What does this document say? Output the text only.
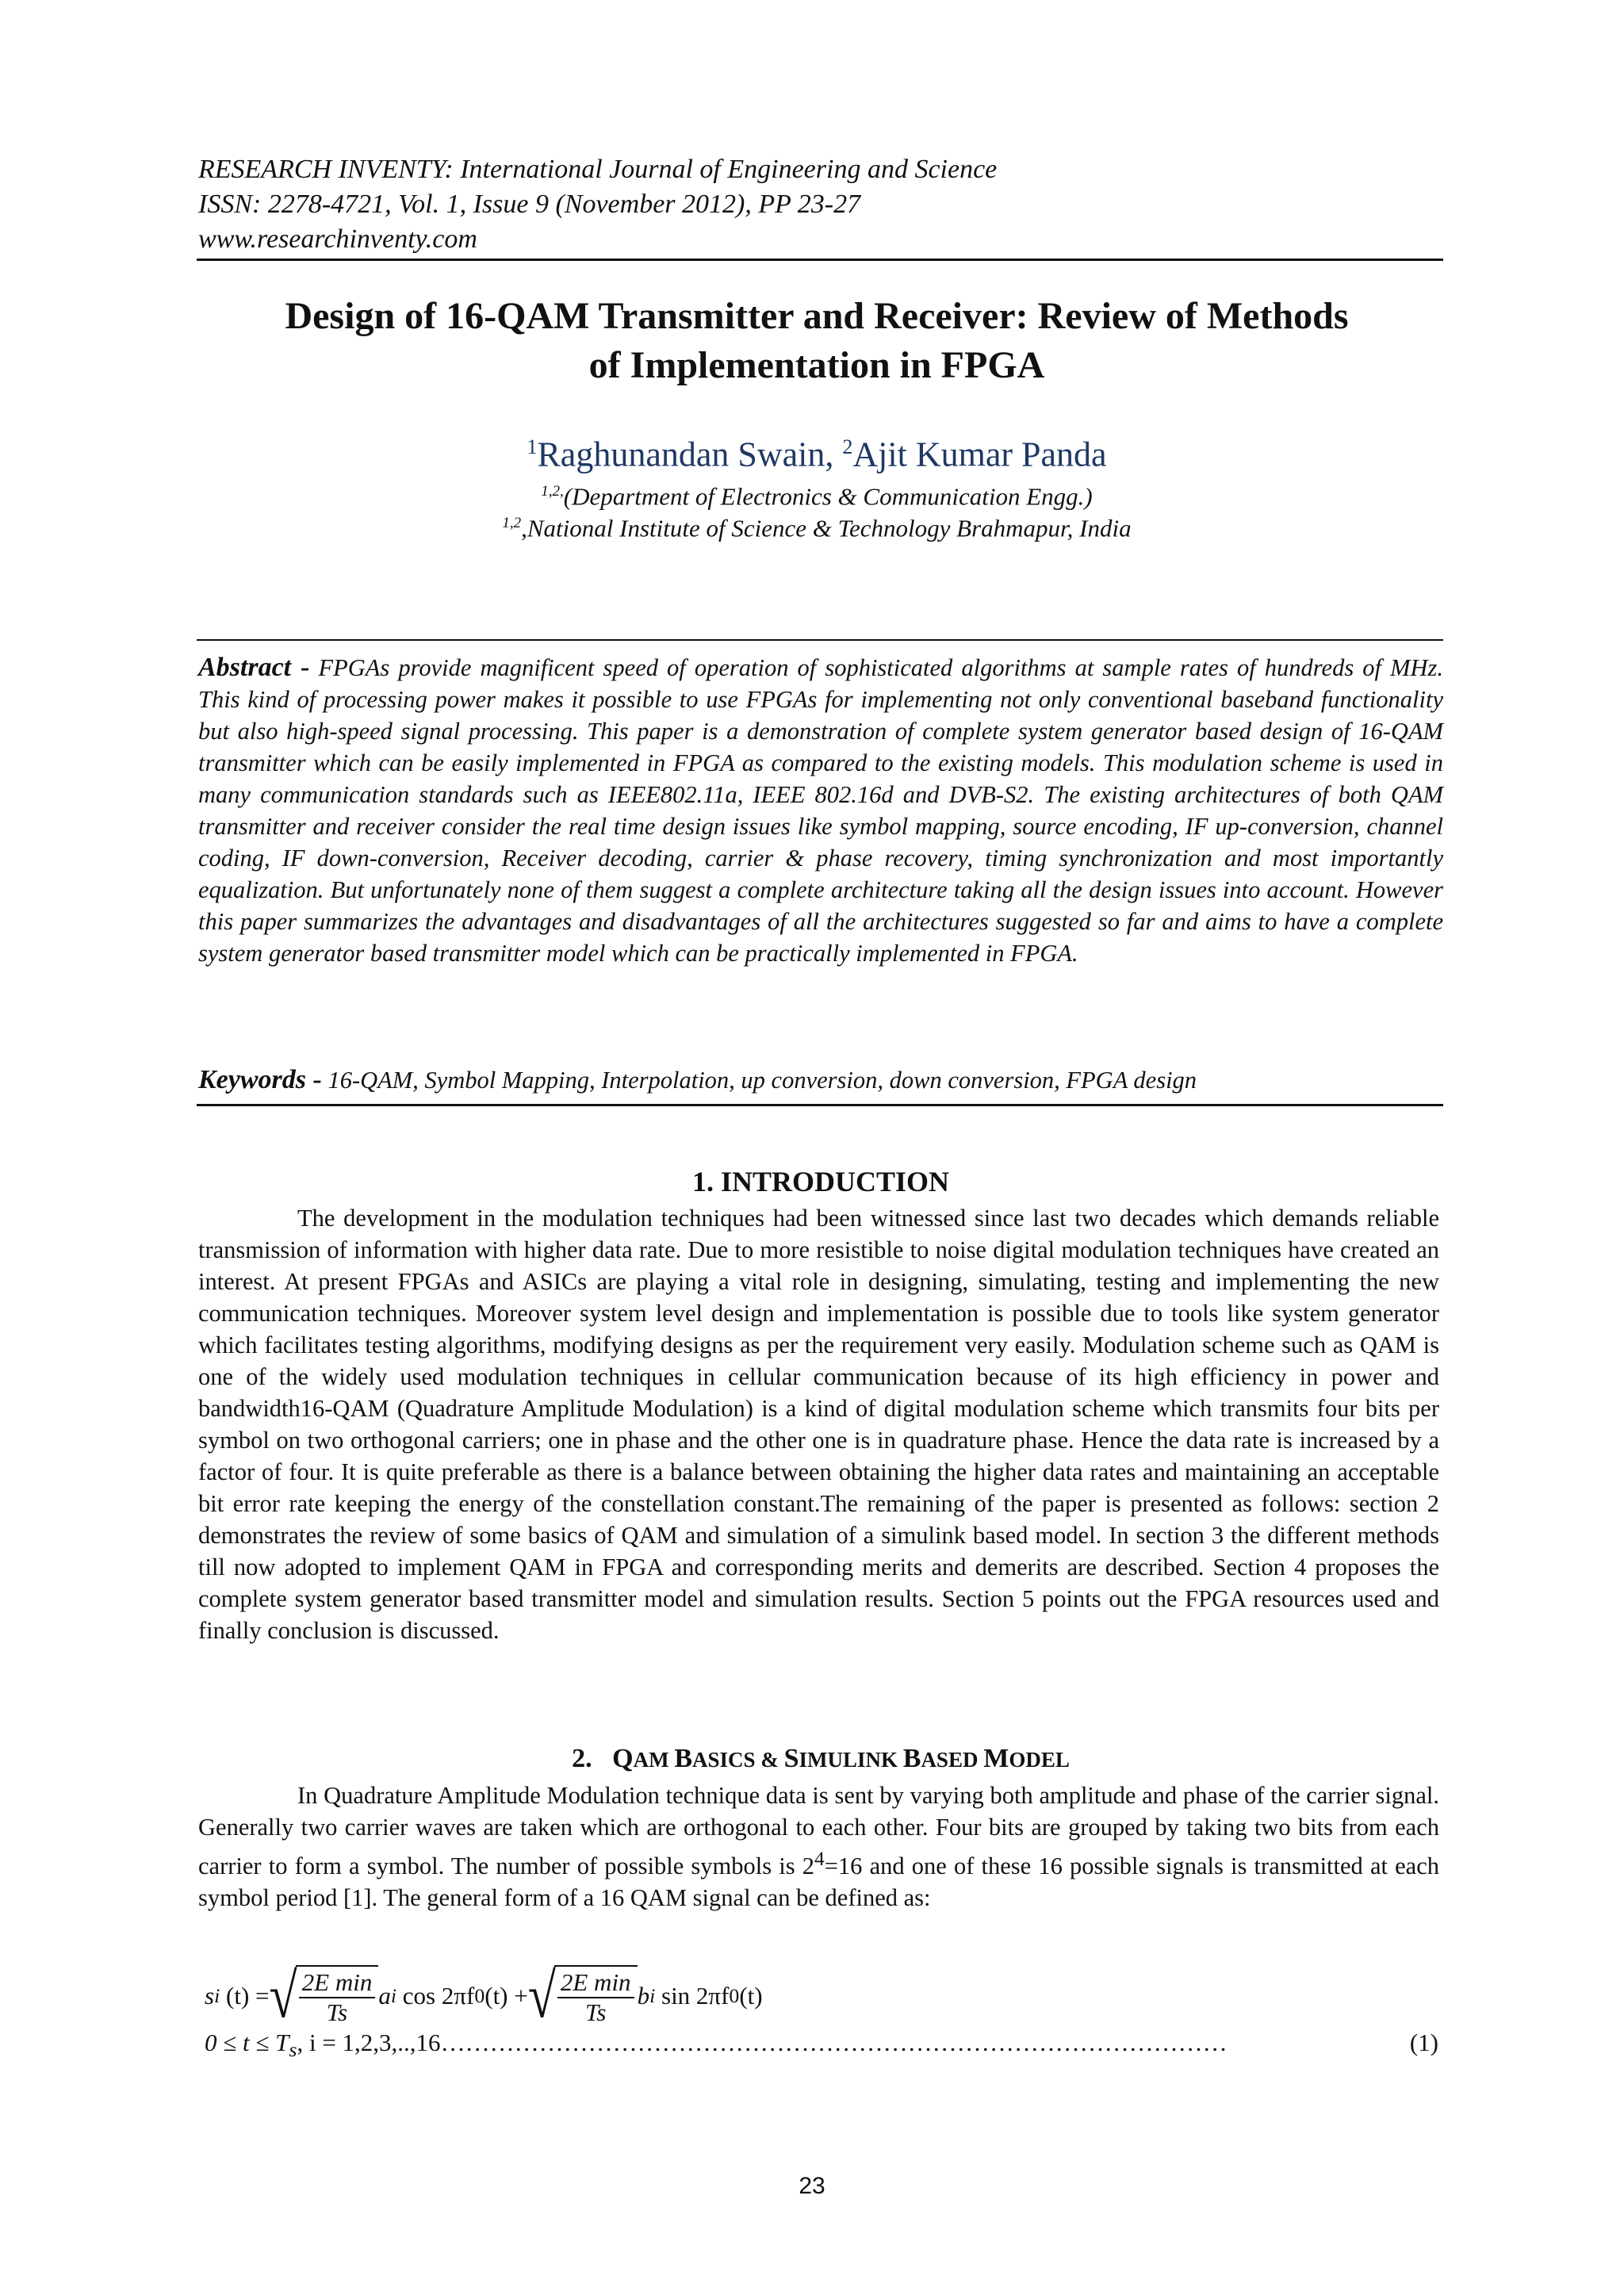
RESEARCH INVENTY: International Journal of Engineering and Science
ISSN: 2278-4721, Vol. 1, Issue 9 (November 2012), PP 23-27
www.researchinventy.com
Design of 16-QAM Transmitter and Receiver: Review of Methods
of Implementation in FPGA
$^1$Raghunandan Swain, $^2$Ajit Kumar Panda
$^{1,2,}$(Department of Electronics & Communication Engg.)
$^{1,2}$,National Institute of Science & Technology Brahmapur, India
Abstract - FPGAs provide magnificent speed of operation of sophisticated algorithms at sample rates of hundreds of MHz. This kind of processing power makes it possible to use FPGAs for implementing not only conventional baseband functionality but also high-speed signal processing. This paper is a demonstration of complete system generator based design of 16-QAM transmitter which can be easily implemented in FPGA as compared to the existing models. This modulation scheme is used in many communication standards such as IEEE802.11a, IEEE 802.16d and DVB-S2. The existing architectures of both QAM transmitter and receiver consider the real time design issues like symbol mapping, source encoding, IF up-conversion, channel coding, IF down-conversion, Receiver decoding, carrier & phase recovery, timing synchronization and most importantly equalization. But unfortunately none of them suggest a complete architecture taking all the design issues into account. However this paper summarizes the advantages and disadvantages of all the architectures suggested so far and aims to have a complete system generator based transmitter model which can be practically implemented in FPGA.
Keywords - 16-QAM, Symbol Mapping, Interpolation, up conversion, down conversion, FPGA design
1. INTRODUCTION
The development in the modulation techniques had been witnessed since last two decades which demands reliable transmission of information with higher data rate. Due to more resistible to noise digital modulation techniques have created an interest. At present FPGAs and ASICs are playing a vital role in designing, simulating, testing and implementing the new communication techniques. Moreover system level design and implementation is possible due to tools like system generator which facilitates testing algorithms, modifying designs as per the requirement very easily. Modulation scheme such as QAM is one of the widely used modulation techniques in cellular communication because of its high efficiency in power and bandwidth16-QAM (Quadrature Amplitude Modulation) is a kind of digital modulation scheme which transmits four bits per symbol on two orthogonal carriers; one in phase and the other one is in quadrature phase. Hence the data rate is increased by a factor of four. It is quite preferable as there is a balance between obtaining the higher data rates and maintaining an acceptable bit error rate keeping the energy of the constellation constant.The remaining of the paper is presented as follows: section 2 demonstrates the review of some basics of QAM and simulation of a simulink based model. In section 3 the different methods till now adopted to implement QAM in FPGA and corresponding merits and demerits are described. Section 4 proposes the complete system generator based transmitter model and simulation results. Section 5 points out the FPGA resources used and finally conclusion is discussed.
2. QAM BASICS & SIMULINK BASED MODEL
In Quadrature Amplitude Modulation technique data is sent by varying both amplitude and phase of the carrier signal. Generally two carrier waves are taken which are orthogonal to each other. Four bits are grouped by taking two bits from each carrier to form a symbol. The number of possible symbols is $2^4=16$ and one of these 16 possible signals is transmitted at each symbol period [1]. The general form of a 16 QAM signal can be defined as:
s i
(t) = √ $\frac{\text{2E min}}{Ts}$ a i
cos 2πf 0 (t) + √ $\frac{\text{2E min}}{Ts}$ b i
sin 2πf 0 (t)
$0 \le t \le T_s$, i = 1,2,3,..,16……………………………………………………………………………………	(1)
23
